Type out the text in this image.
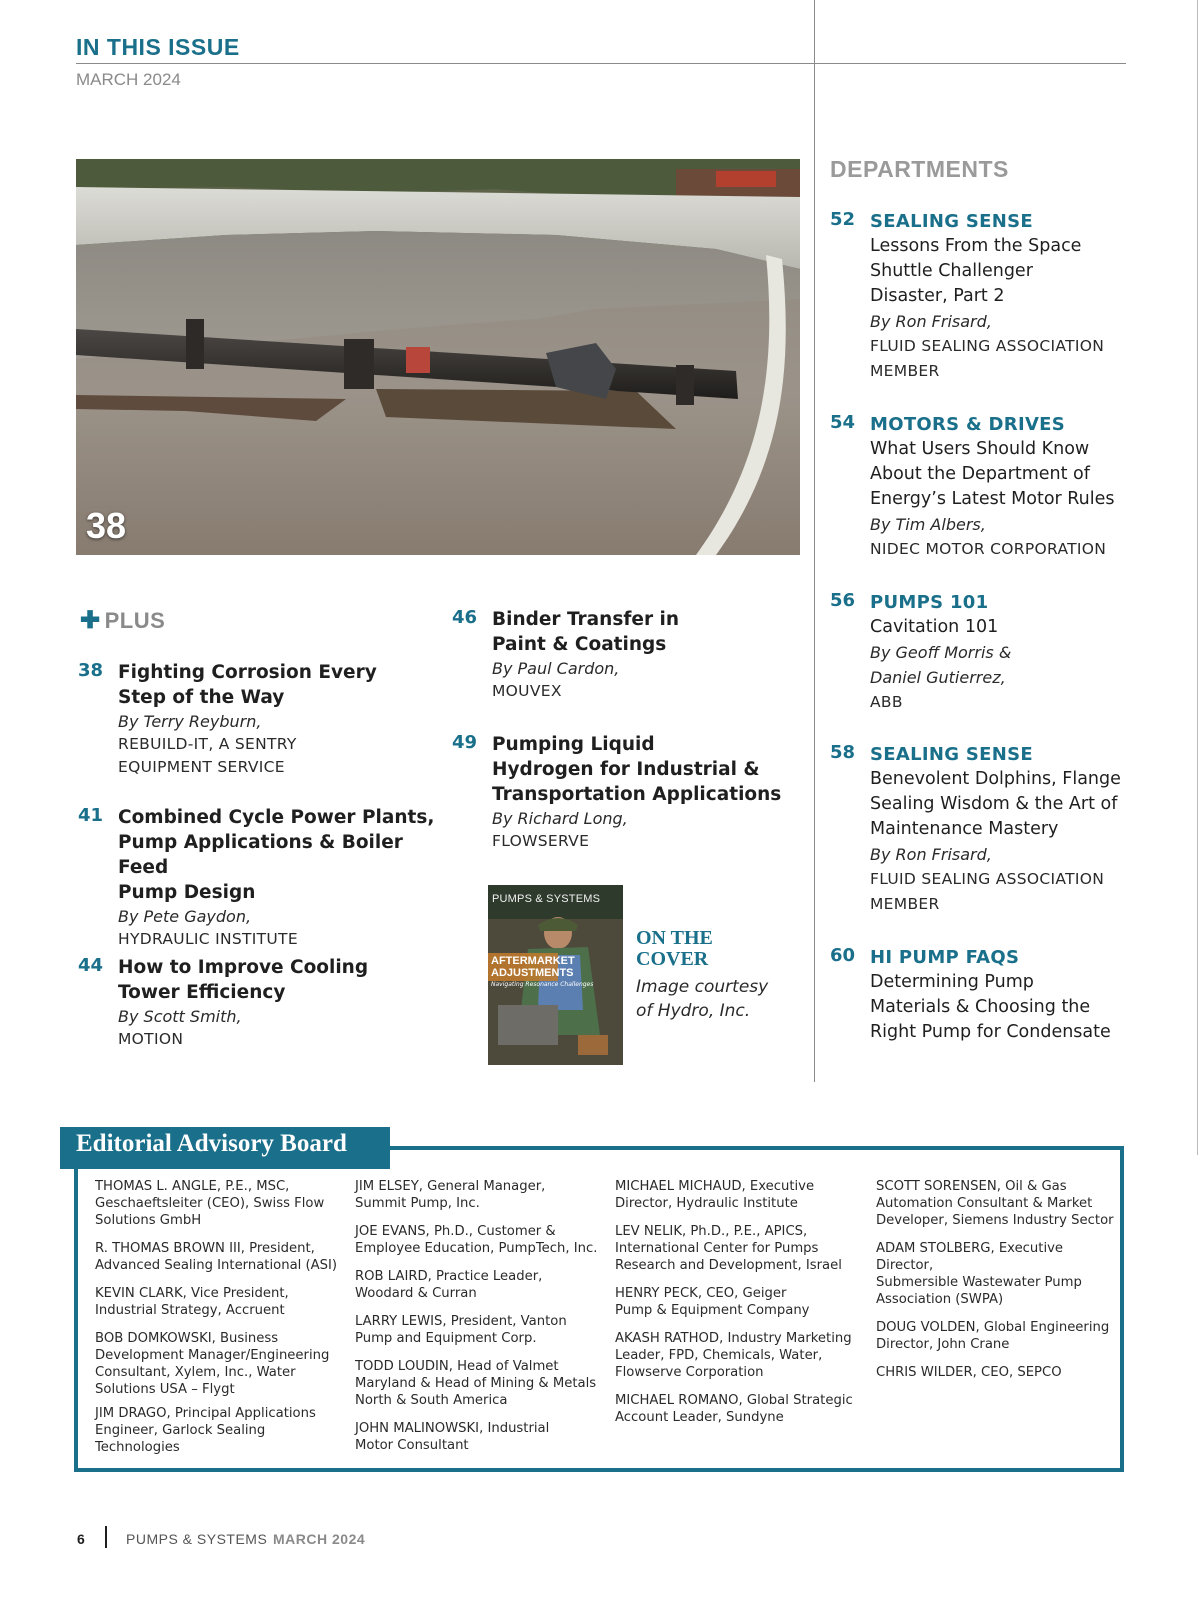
IN THIS ISSUE
MARCH 2024
38
✚ PLUS
38 Fighting Corrosion Every
Step of the Way
By Terry Reyburn,
REBUILD-IT, A SENTRY
EQUIPMENT SERVICE
41 Combined Cycle Power Plants,
Pump Applications & Boiler Feed
Pump Design
By Pete Gaydon,
HYDRAULIC INSTITUTE
44 How to Improve Cooling
Tower Efficiency
By Scott Smith,
MOTION
46 Binder Transfer in
Paint & Coatings
By Paul Cardon,
MOUVEX
49 Pumping Liquid
Hydrogen for Industrial &
Transportation Applications
By Richard Long,
FLOWSERVE
PUMPS & SYSTEMS
AFTERMARKET
ADJUSTMENTS
Navigating Resonance Challenges
ON THE
COVER
Image courtesy
of Hydro, Inc.
DEPARTMENTS
52 SEALING SENSE
Lessons From the Space
Shuttle Challenger
Disaster, Part 2
By Ron Frisard,
FLUID SEALING ASSOCIATION
MEMBER
54 MOTORS & DRIVES
What Users Should Know
About the Department of
Energy’s Latest Motor Rules
By Tim Albers,
NIDEC MOTOR CORPORATION
56 PUMPS 101
Cavitation 101
By Geoff Morris &
Daniel Gutierrez,
ABB
58 SEALING SENSE
Benevolent Dolphins, Flange
Sealing Wisdom & the Art of
Maintenance Mastery
By Ron Frisard,
FLUID SEALING ASSOCIATION
MEMBER
60 HI PUMP FAQS
Determining Pump
Materials & Choosing the
Right Pump for Condensate
Editorial Advisory Board
THOMAS L. ANGLE, P.E., MSC,
Geschaeftsleiter (CEO), Swiss Flow
Solutions GmbH
R. THOMAS BROWN III, President,
Advanced Sealing International (ASI)
KEVIN CLARK, Vice President,
Industrial Strategy, Accruent
BOB DOMKOWSKI, Business
Development Manager/Engineering
Consultant, Xylem, Inc., Water
Solutions USA – Flygt
JIM DRAGO, Principal Applications
Engineer, Garlock Sealing
Technologies
JIM ELSEY, General Manager,
Summit Pump, Inc.
JOE EVANS, Ph.D., Customer &
Employee Education, PumpTech, Inc.
ROB LAIRD, Practice Leader,
Woodard & Curran
LARRY LEWIS, President, Vanton
Pump and Equipment Corp.
TODD LOUDIN, Head of Valmet
Maryland & Head of Mining & Metals
North & South America
JOHN MALINOWSKI, Industrial
Motor Consultant
MICHAEL MICHAUD, Executive
Director, Hydraulic Institute
LEV NELIK, Ph.D., P.E., APICS,
International Center for Pumps
Research and Development, Israel
HENRY PECK, CEO, Geiger
Pump & Equipment Company
AKASH RATHOD, Industry Marketing
Leader, FPD, Chemicals, Water,
Flowserve Corporation
MICHAEL ROMANO, Global Strategic
Account Leader, Sundyne
SCOTT SORENSEN, Oil & Gas
Automation Consultant & Market
Developer, Siemens Industry Sector
ADAM STOLBERG, Executive Director,
Submersible Wastewater Pump
Association (SWPA)
DOUG VOLDEN, Global Engineering
Director, John Crane
CHRIS WILDER, CEO, SEPCO
6	PUMPS & SYSTEMS MARCH 2024
